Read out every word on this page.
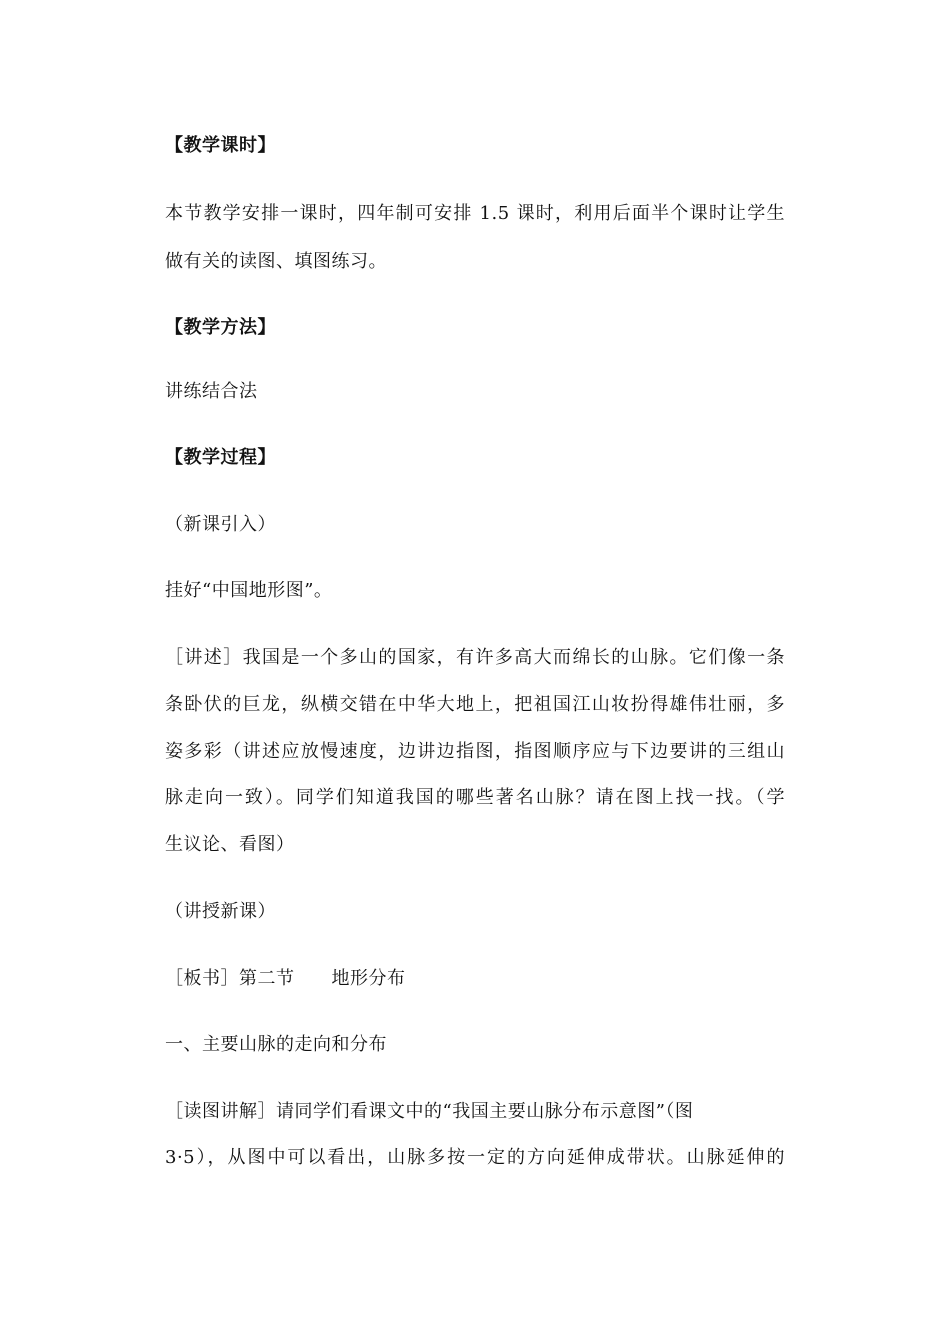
【教学课时】
本节教学安排一课时，四年制可安排 1.5 课时，利用后面半个课时让学生
做有关的读图、填图练习。
【教学方法】
讲练结合法
【教学过程】
（新课引入）
挂好“中国地形图”。
［讲述］我国是一个多山的国家，有许多高大而绵长的山脉。它们像一条
条卧伏的巨龙，纵横交错在中华大地上，把祖国江山妆扮得雄伟壮丽，多
姿多彩（讲述应放慢速度，边讲边指图，指图顺序应与下边要讲的三组山
脉走向一致）。同学们知道我国的哪些著名山脉？请在图上找一找。（学
生议论、看图）
（讲授新课）
［板书］第二节　　地形分布
一、主要山脉的走向和分布
［读图讲解］请同学们看课文中的“我国主要山脉分布示意图”（图
3·5），从图中可以看出，山脉多按一定的方向延伸成带状。山脉延伸的
